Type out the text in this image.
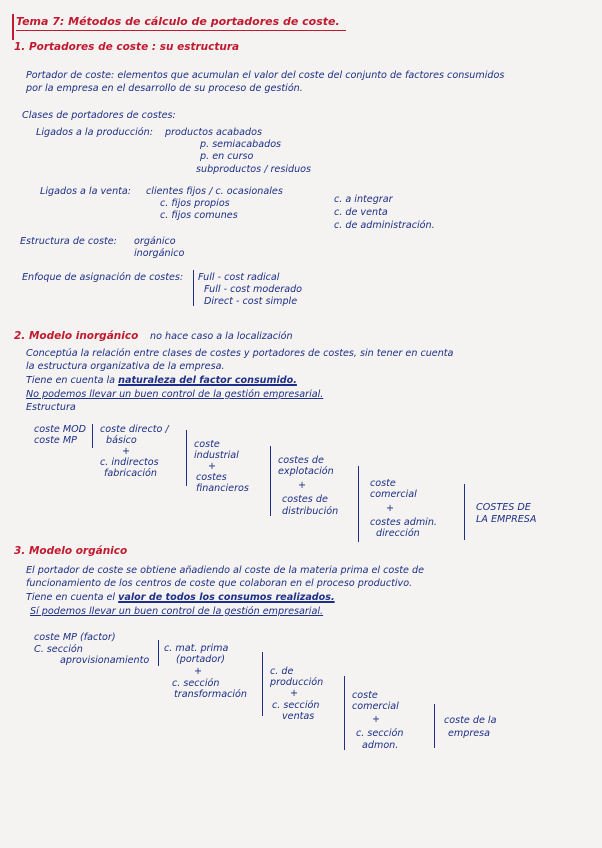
Tema 7: Métodos de cálculo de portadores de coste.
1. Portadores de coste : su estructura
Portador de coste: elementos que acumulan el valor del coste del conjunto de factores consumidos
por la empresa en el desarrollo de su proceso de gestión.
Clases de portadores de costes:
Ligados a la producción: productos acabados
p. semiacabados
p. en curso
subproductos / residuos
Ligados a la venta: clientes fijos / c. ocasionales
c. fijos propios
c. fijos comunes
c. a integrar
c. de venta
c. de administración.
Estructura de coste: orgánico
inorgánico
Enfoque de asignación de costes: Full - cost radical
Full - cost moderado
Direct - cost simple
2. Modelo inorgánico no hace caso a la localización
Conceptúa la relación entre clases de costes y portadores de costes, sin tener en cuenta
la estructura organizativa de la empresa.
Tiene en cuenta la naturaleza del factor consumido.
No podemos llevar un buen control de la gestión empresarial.
Estructura
coste MOD
coste MP
coste directo /
básico
+
c. indirectos
fabricación
coste
industrial
+
costes
financieros
costes de
explotación
+
costes de
distribución
coste
comercial
+
costes admin.
dirección
COSTES DE
LA EMPRESA
3. Modelo orgánico
El portador de coste se obtiene añadiendo al coste de la materia prima el coste de
funcionamiento de los centros de coste que colaboran en el proceso productivo.
Tiene en cuenta el valor de todos los consumos realizados.
Sí podemos llevar un buen control de la gestión empresarial.
coste MP (factor)
C. sección
aprovisionamiento
c. mat. prima
(portador)
+
c. sección
transformación
c. de
producción
+
c. sección
ventas
coste
comercial
+
c. sección
admon.
coste de la
empresa
